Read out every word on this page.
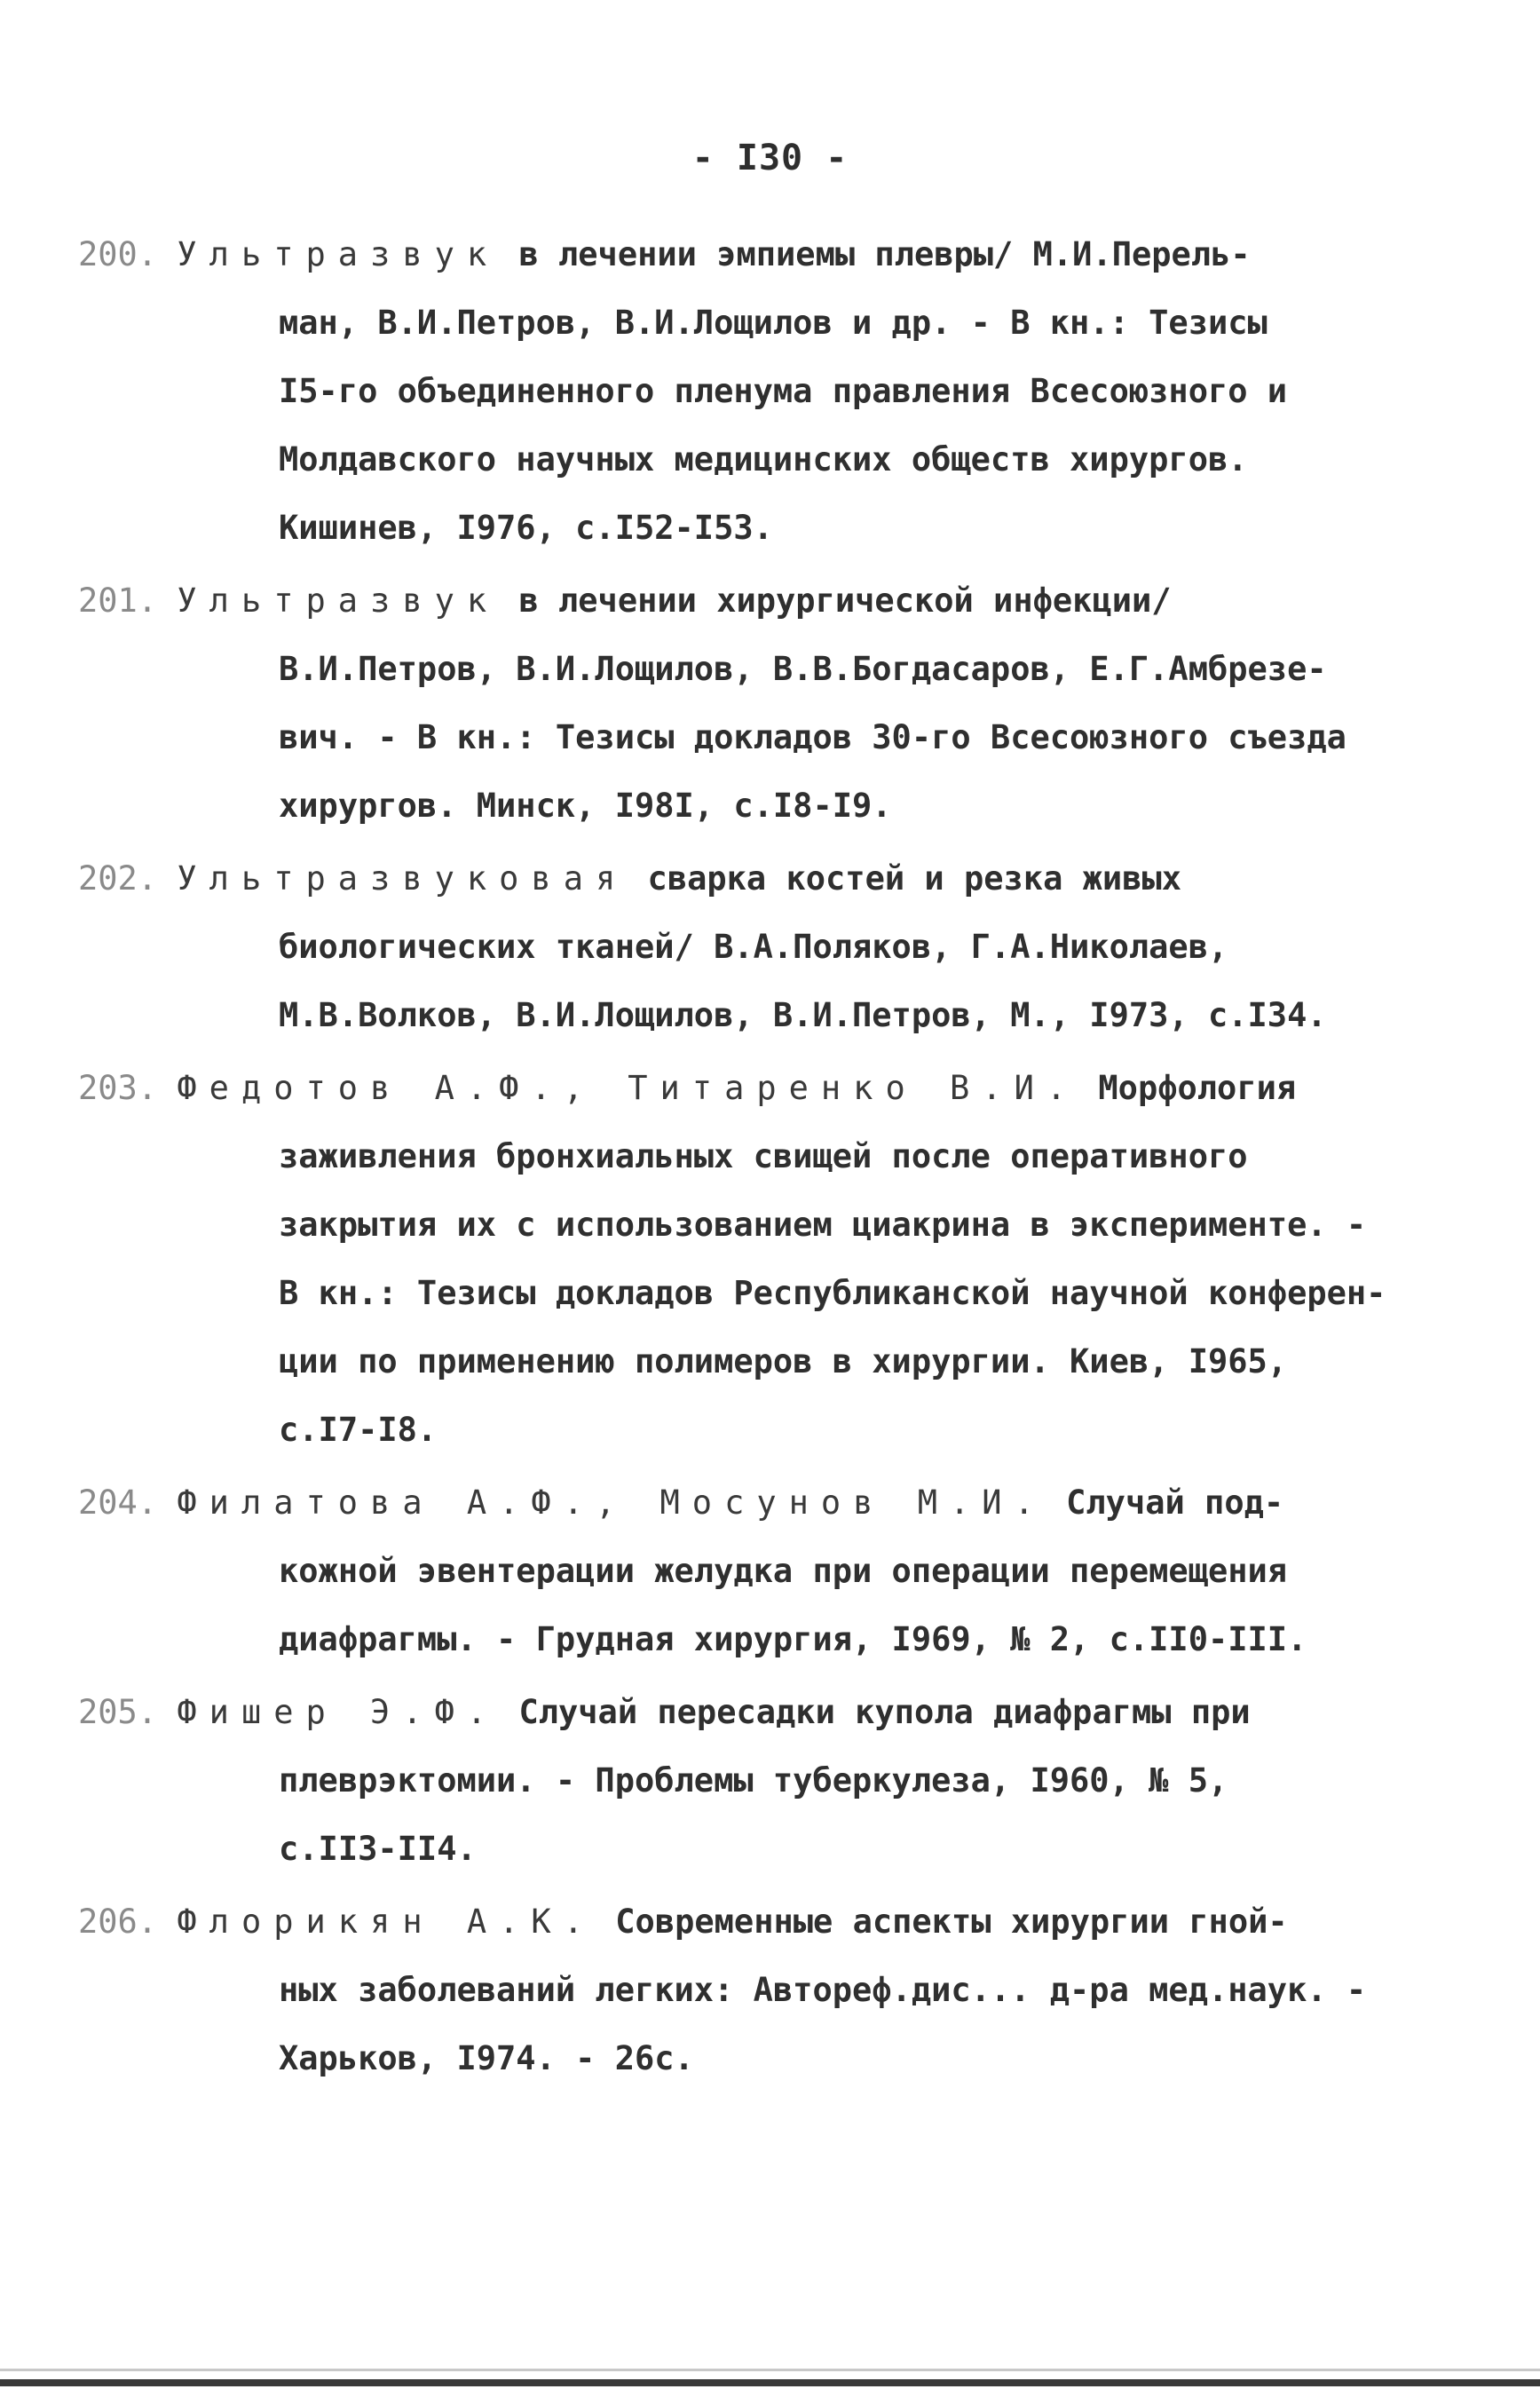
- I30 -
200. Ультразвук в лечении эмпиемы плевры/ М.И.Перель-
ман, В.И.Петров, В.И.Лощилов и др. - В кн.: Тезисы
I5-го объединенного пленума правления Всесоюзного и
Молдавского научных медицинских обществ хирургов.
Кишинев, I976, с.I52-I53.
201. Ультразвук в лечении хирургической инфекции/
В.И.Петров, В.И.Лощилов, В.В.Богдасаров, Е.Г.Амбрезе-
вич. - В кн.: Тезисы докладов 30-го Всесоюзного съезда
хирургов. Минск, I98I, с.I8-I9.
202. Ультразвуковая сварка костей и резка живых
биологических тканей/ В.А.Поляков, Г.А.Николаев,
М.В.Волков, В.И.Лощилов, В.И.Петров, М., I973, с.I34.
203. Федотов А.Ф., Титаренко В.И. Морфология
заживления бронхиальных свищей после оперативного
закрытия их с использованием циакрина в эксперименте. -
В кн.: Тезисы докладов Республиканской научной конферен-
ции по применению полимеров в хирургии. Киев, I965,
с.I7-I8.
204. Филатова А.Ф., Мосунов М.И. Случай под-
кожной эвентерации желудка при операции перемещения
диафрагмы. - Грудная хирургия, I969, № 2, с.II0-III.
205. Фишер Э.Ф. Случай пересадки купола диафрагмы при
плеврэктомии. - Проблемы туберкулеза, I960, № 5,
с.II3-II4.
206. Флорикян А.К. Современные аспекты хирургии гной-
ных заболеваний легких: Автореф.дис... д-ра мед.наук. -
Харьков, I974. - 26с.
